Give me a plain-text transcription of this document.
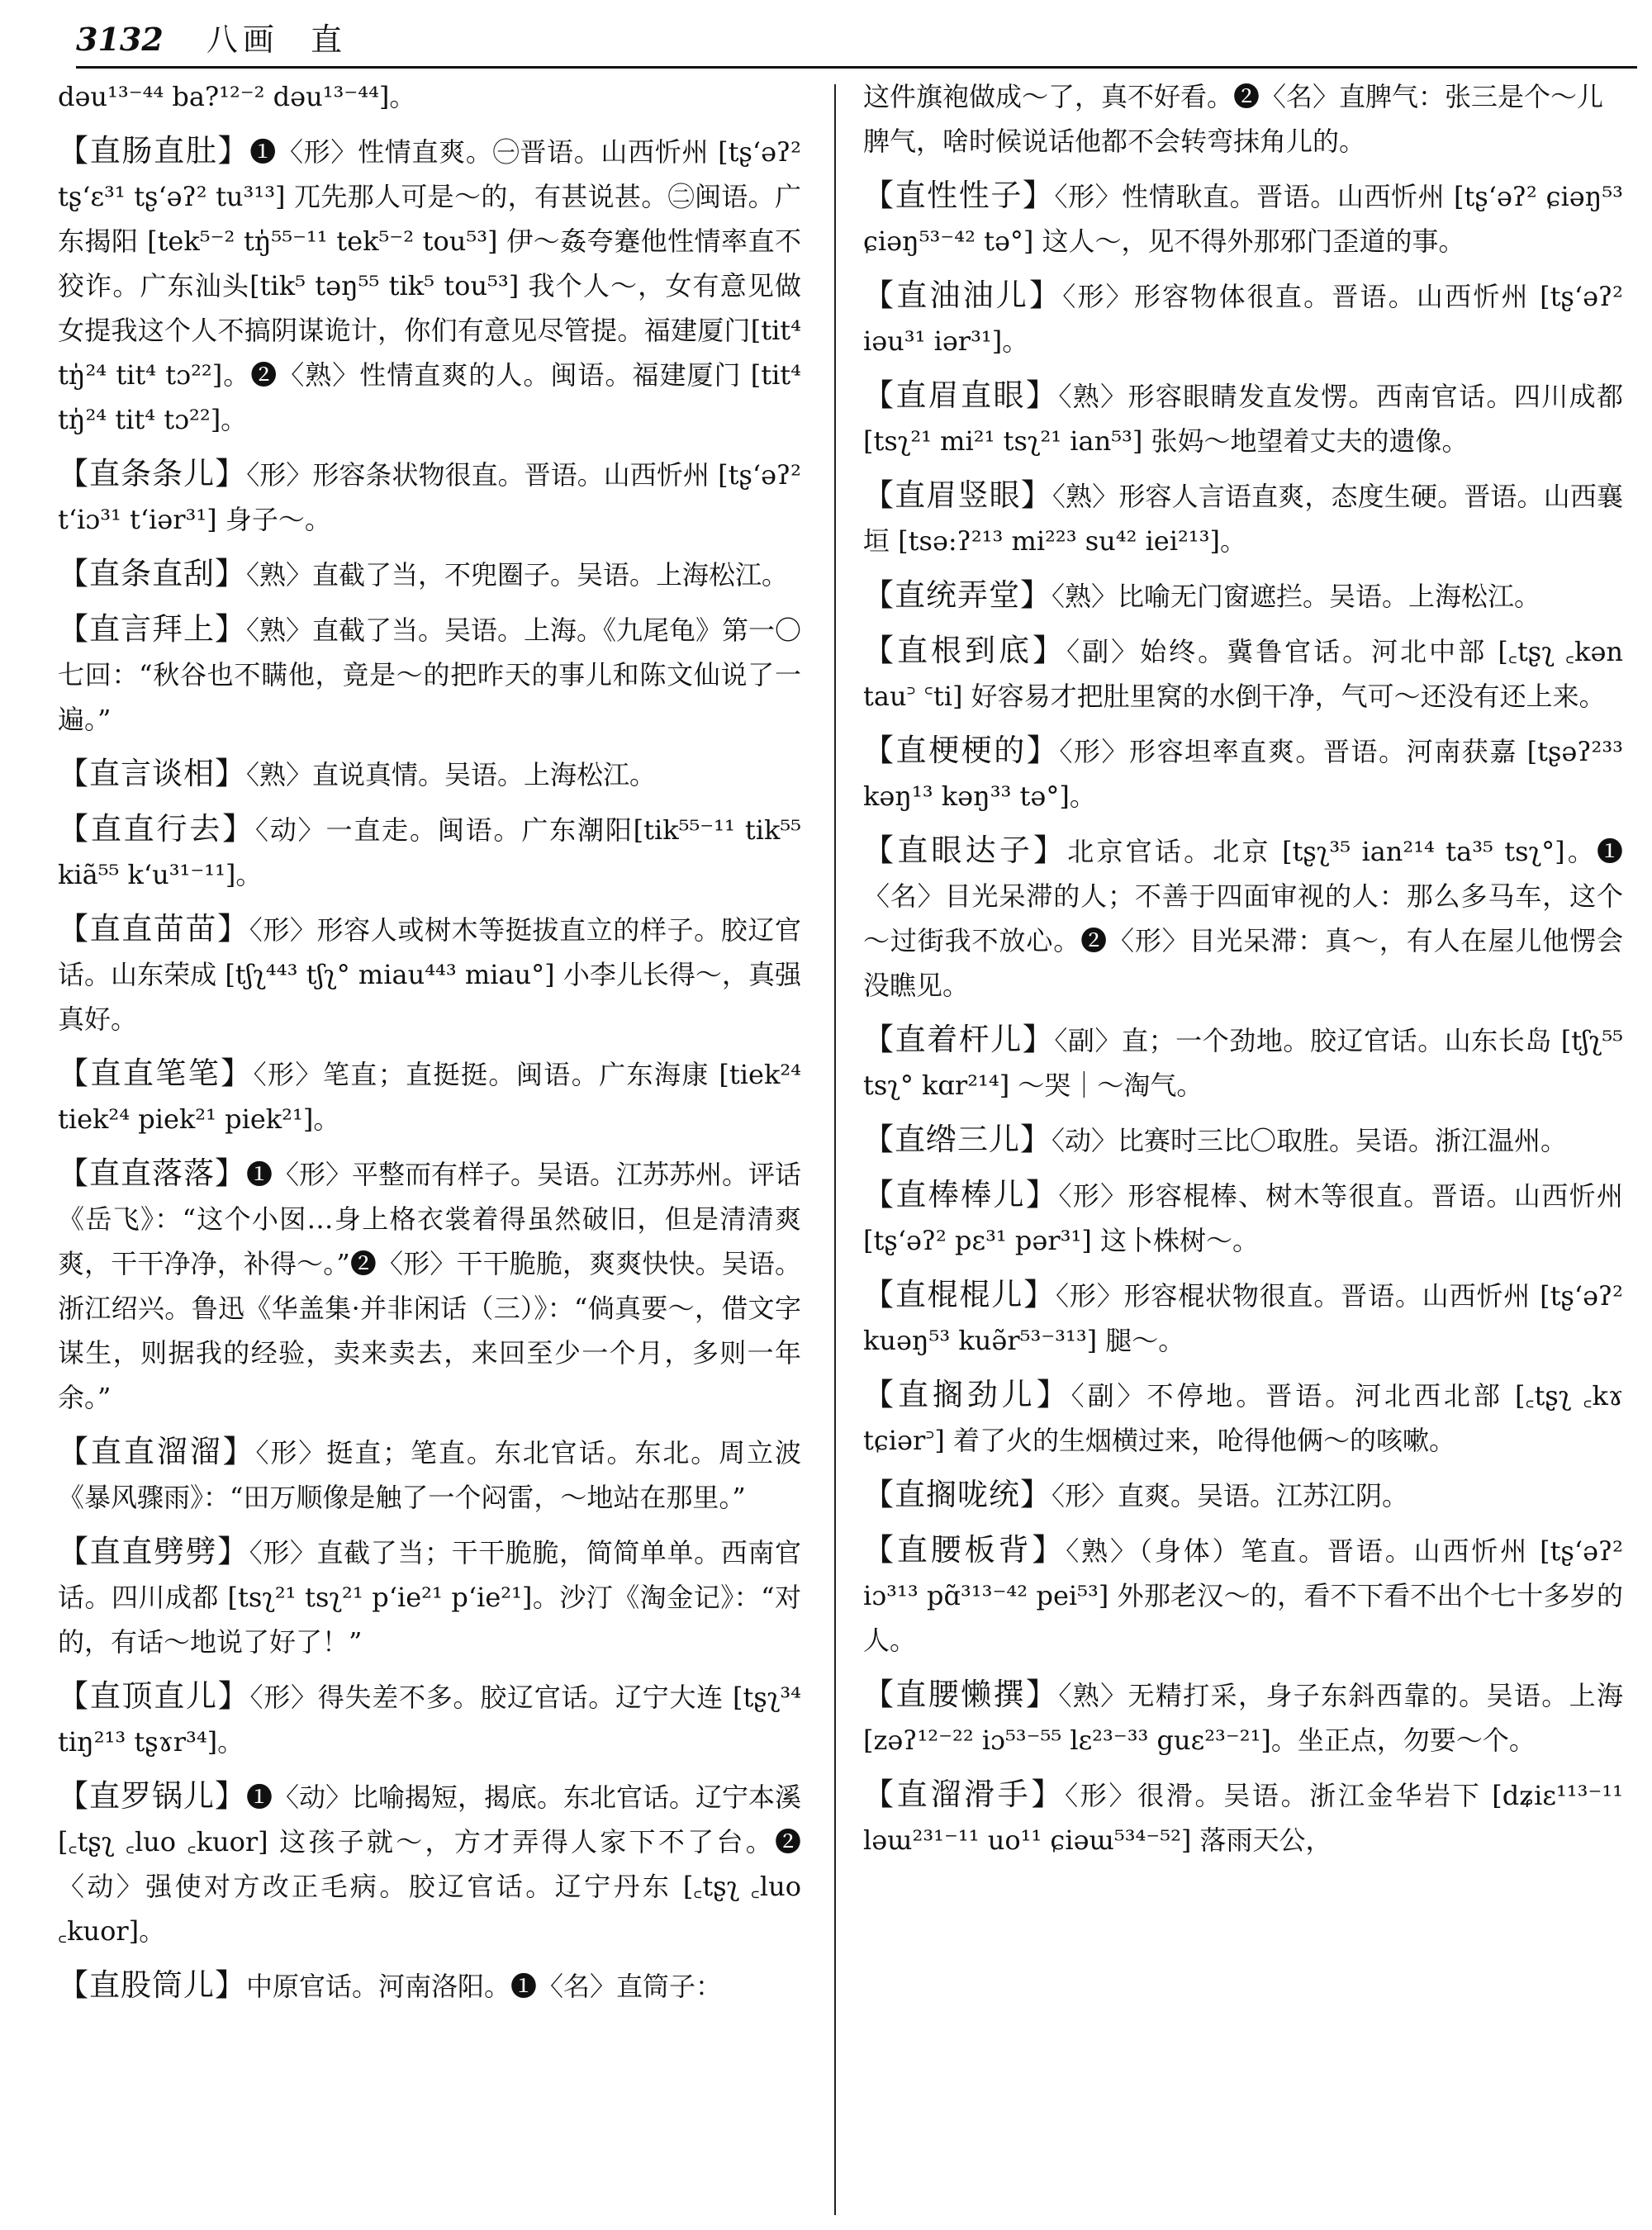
3132 八画 直
dəu¹³⁻⁴⁴ ba?¹²⁻² dəu¹³⁻⁴⁴]。
【直肠直肚】❶〈形〉性情直爽。㊀晋语。山西忻州 [tʂʻəʔ² tʂʻɛ³¹ tʂʻəʔ² tu³¹³] 兀先那人可是～的，有甚说甚。㊁闽语。广东揭阳 [tek⁵⁻² tŋ̍⁵⁵⁻¹¹ tek⁵⁻² tou⁵³] 伊～姦夸蹇他性情率直不狡诈。广东汕头[tik⁵ təŋ⁵⁵ tik⁵ tou⁵³] 我个人～，女有意见做女提我这个人不搞阴谋诡计，你们有意见尽管提。福建厦门[tit⁴ tŋ̍²⁴ tit⁴ tɔ²²]。❷〈熟〉性情直爽的人。闽语。福建厦门 [tit⁴ tŋ̍²⁴ tit⁴ tɔ²²]。
【直条条儿】〈形〉形容条状物很直。晋语。山西忻州 [tʂʻəʔ² tʻiɔ³¹ tʻiər³¹] 身子～。
【直条直刮】〈熟〉直截了当，不兜圈子。吴语。上海松江。
【直言拜上】〈熟〉直截了当。吴语。上海。《九尾龟》第一〇七回：“秋谷也不瞒他，竟是～的把昨天的事儿和陈文仙说了一遍。”
【直言谈相】〈熟〉直说真情。吴语。上海松江。
【直直行去】〈动〉一直走。闽语。广东潮阳[tik⁵⁵⁻¹¹ tik⁵⁵ kiã⁵⁵ kʻu³¹⁻¹¹]。
【直直苗苗】〈形〉形容人或树木等挺拔直立的样子。胶辽官话。山东荣成 [tʃʅ⁴⁴³ tʃʅ° miau⁴⁴³ miau°] 小李儿长得～，真强真好。
【直直笔笔】〈形〉笔直；直挺挺。闽语。广东海康 [tiek²⁴ tiek²⁴ piek²¹ piek²¹]。
【直直落落】❶〈形〉平整而有样子。吴语。江苏苏州。评话《岳飞》：“这个小囡…身上格衣裳着得虽然破旧，但是清清爽爽，干干净净，补得～。”❷〈形〉干干脆脆，爽爽快快。吴语。浙江绍兴。鲁迅《华盖集·并非闲话（三）》：“倘真要～，借文字谋生，则据我的经验，卖来卖去，来回至少一个月，多则一年余。”
【直直溜溜】〈形〉挺直；笔直。东北官话。东北。周立波《暴风骤雨》：“田万顺像是触了一个闷雷，～地站在那里。”
【直直劈劈】〈形〉直截了当；干干脆脆，简简单单。西南官话。四川成都 [tsʅ²¹ tsʅ²¹ pʻie²¹ pʻie²¹]。沙汀《淘金记》：“对的，有话～地说了好了！”
【直顶直儿】〈形〉得失差不多。胶辽官话。辽宁大连 [tʂʅ³⁴ tiŋ²¹³ tʂɤr³⁴]。
【直罗锅儿】❶〈动〉比喻揭短，揭底。东北官话。辽宁本溪 [꜀tʂʅ ꜀luo ꜀kuor] 这孩子就～，方才弄得人家下不了台。❷〈动〉强使对方改正毛病。胶辽官话。辽宁丹东 [꜀tʂʅ ꜀luo ꜀kuor]。
【直股筒儿】中原官话。河南洛阳。❶〈名〉直筒子：
这件旗袍做成～了，真不好看。❷〈名〉直脾气：张三是个～儿脾气，啥时候说话他都不会转弯抹角儿的。
【直性性子】〈形〉性情耿直。晋语。山西忻州 [tʂʻəʔ² ɕiəŋ⁵³ ɕiəŋ⁵³⁻⁴² tə°] 这人～，见不得外那邪门歪道的事。
【直油油儿】〈形〉形容物体很直。晋语。山西忻州 [tʂʻəʔ² iəu³¹ iər³¹]。
【直眉直眼】〈熟〉形容眼睛发直发愣。西南官话。四川成都[tsʅ²¹ mi²¹ tsʅ²¹ ian⁵³] 张妈～地望着丈夫的遗像。
【直眉竖眼】〈熟〉形容人言语直爽，态度生硬。晋语。山西襄垣 [tsə:ʔ²¹³ mi²²³ su⁴² iei²¹³]。
【直统弄堂】〈熟〉比喻无门窗遮拦。吴语。上海松江。
【直根到底】〈副〉始终。冀鲁官话。河北中部 [꜀tʂʅ ꜀kən tau꜄ ꜂ti] 好容易才把肚里窝的水倒干净，气可～还没有还上来。
【直梗梗的】〈形〉形容坦率直爽。晋语。河南获嘉 [tʂəʔ²³³ kəŋ¹³ kəŋ³³ tə°]。
【直眼达子】北京官话。北京 [tʂʅ³⁵ ian²¹⁴ ta³⁵ tsʅ°]。❶〈名〉目光呆滞的人；不善于四面审视的人：那么多马车，这个～过街我不放心。❷〈形〉目光呆滞：真～，有人在屋儿他愣会没瞧见。
【直着杆儿】〈副〉直；一个劲地。胶辽官话。山东长岛 [tʃʅ⁵⁵ tsʅ° kɑr²¹⁴] ～哭｜～淘气。
【直绺三儿】〈动〉比赛时三比〇取胜。吴语。浙江温州。
【直棒棒儿】〈形〉形容棍棒、树木等很直。晋语。山西忻州 [tʂʻəʔ² pɛ³¹ pər³¹] 这卜株树～。
【直棍棍儿】〈形〉形容棍状物很直。晋语。山西忻州 [tʂʻəʔ² kuəŋ⁵³ kuə̃r⁵³⁻³¹³] 腿～。
【直搁劲儿】〈副〉不停地。晋语。河北西北部 [꜀tʂʅ ꜀kɤ tɕiər꜄] 着了火的生烟横过来，呛得他俩～的咳嗽。
【直搁咙统】〈形〉直爽。吴语。江苏江阴。
【直腰板背】〈熟〉（身体）笔直。晋语。山西忻州 [tʂʻəʔ² iɔ³¹³ pɑ̃³¹³⁻⁴² pei⁵³] 外那老汉～的，看不下看不出个七十多岁的人。
【直腰懒撰】〈熟〉无精打采，身子东斜西靠的。吴语。上海 [zəʔ¹²⁻²² iɔ⁵³⁻⁵⁵ lɛ²³⁻³³ guɛ²³⁻²¹]。坐正点，勿要～个。
【直溜滑手】〈形〉很滑。吴语。浙江金华岩下 [dʑiɛ¹¹³⁻¹¹ ləɯ²³¹⁻¹¹ uo¹¹ ɕiəɯ⁵³⁴⁻⁵²] 落雨天公，
